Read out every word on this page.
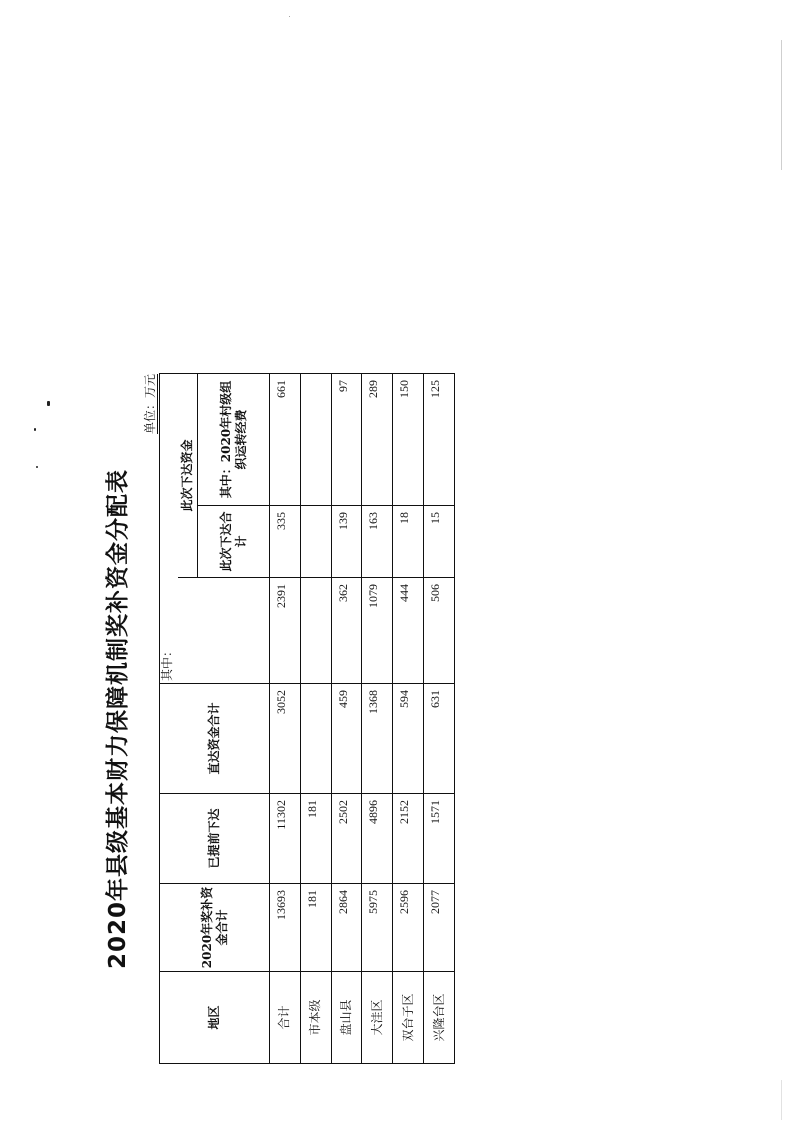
2020年县级基本财力保障机制奖补资金分配表
单位：万元
地区	2020年奖补资金合计	已提前下达	直达资金合计	其中：		
					此次下达资金	
					此次下达合计	其中：2020年村级组织运转经费

合计	13693	11302	3052	2391	335	661
市本级	181	181				
盘山县	2864	2502	459	362	139	97
大洼区	5975	4896	1368	1079	163	289
双台子区	2596	2152	594	444	18	150
兴隆台区	2077	1571	631	506	15	125
